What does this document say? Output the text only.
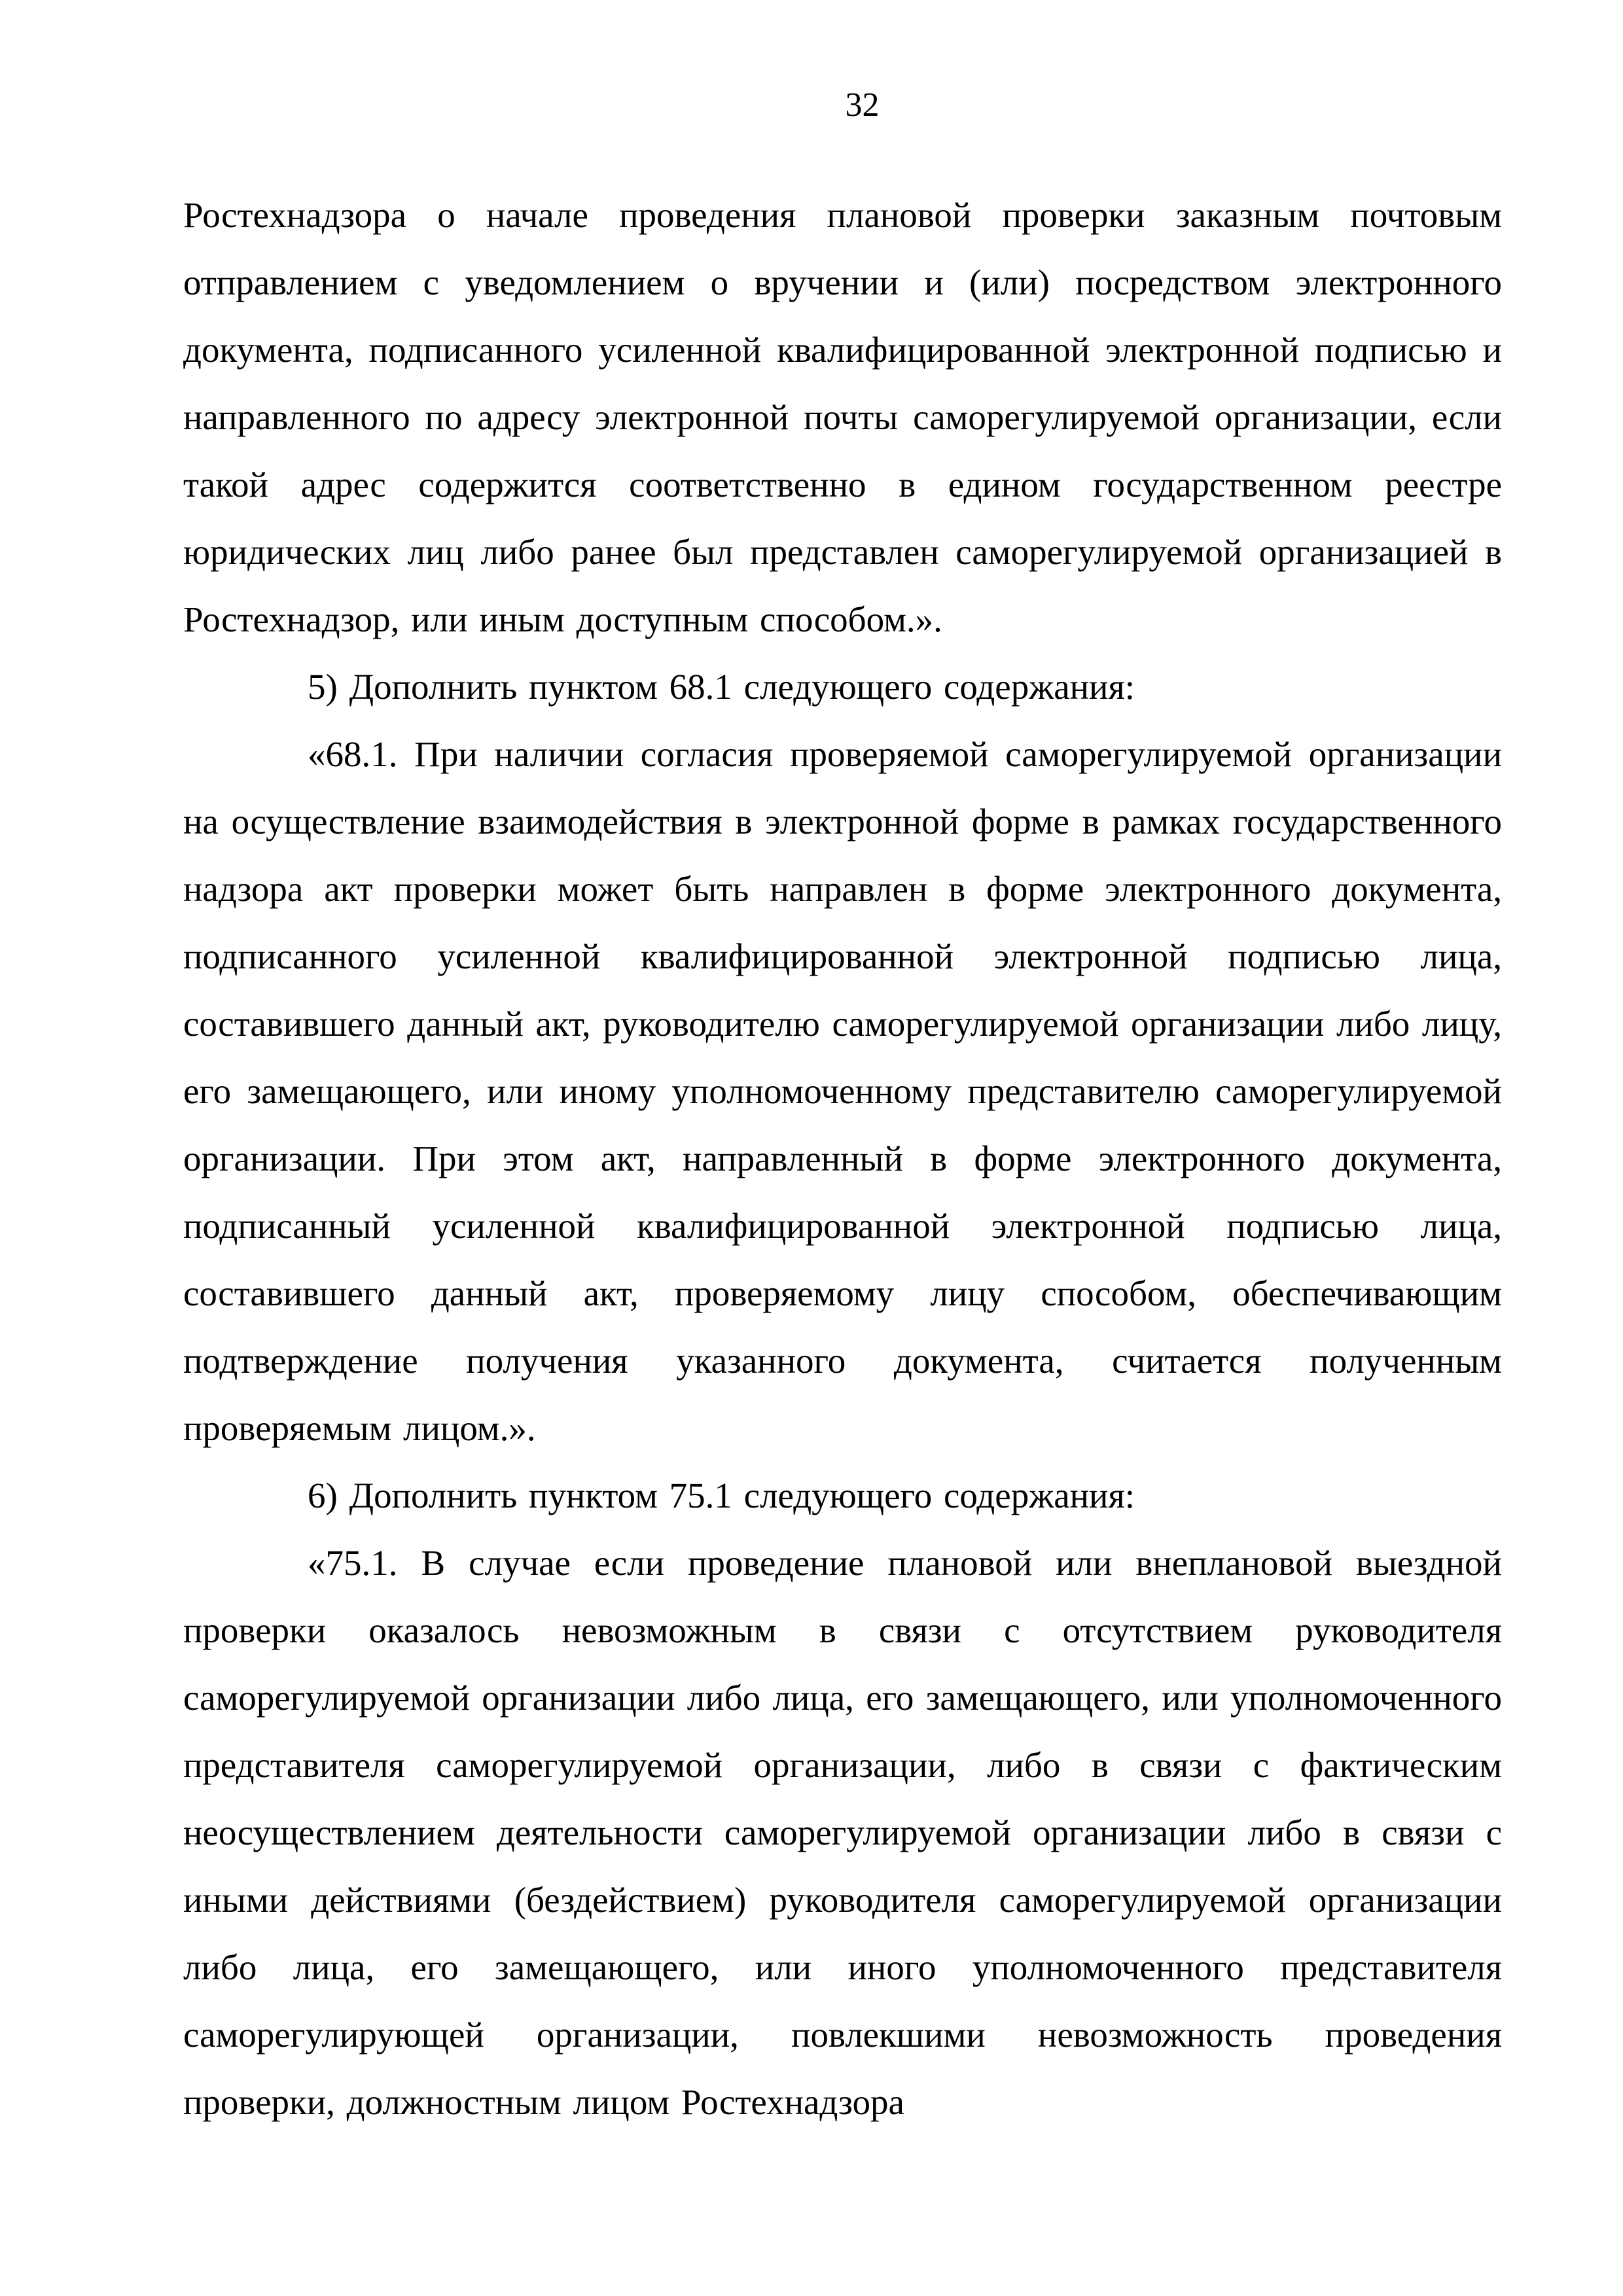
32

Ростехнадзора о начале проведения плановой проверки заказным почтовым отправлением с уведомлением о вручении и (или) посредством электронного документа, подписанного усиленной квалифицированной электронной подписью и направленного по адресу электронной почты саморегулируемой организации, если такой адрес содержится соответственно в едином государственном реестре юридических лиц либо ранее был представлен саморегулируемой организацией в Ростехнадзор, или иным доступным способом.».

5) Дополнить пунктом 68.1 следующего содержания:

«68.1. При наличии согласия проверяемой саморегулируемой организации на осуществление взаимодействия в электронной форме в рамках государственного надзора акт проверки может быть направлен в форме электронного документа, подписанного усиленной квалифицированной электронной подписью лица, составившего данный акт, руководителю саморегулируемой организации либо лицу, его замещающего, или иному уполномоченному представителю саморегулируемой организации. При этом акт, направленный в форме электронного документа, подписанный усиленной квалифицированной электронной подписью лица, составившего данный акт, проверяемому лицу способом, обеспечивающим подтверждение получения указанного документа, считается полученным проверяемым лицом.».

6) Дополнить пунктом 75.1 следующего содержания:

«75.1. В случае если проведение плановой или внеплановой выездной проверки оказалось невозможным в связи с отсутствием руководителя саморегулируемой организации либо лица, его замещающего, или уполномоченного представителя саморегулируемой организации, либо в связи с фактическим неосуществлением деятельности саморегулируемой организации либо в связи с иными действиями (бездействием) руководителя саморегулируемой организации либо лица, его замещающего, или иного уполномоченного представителя саморегулирующей организации, повлекшими невозможность проведения проверки, должностным лицом Ростехнадзора
